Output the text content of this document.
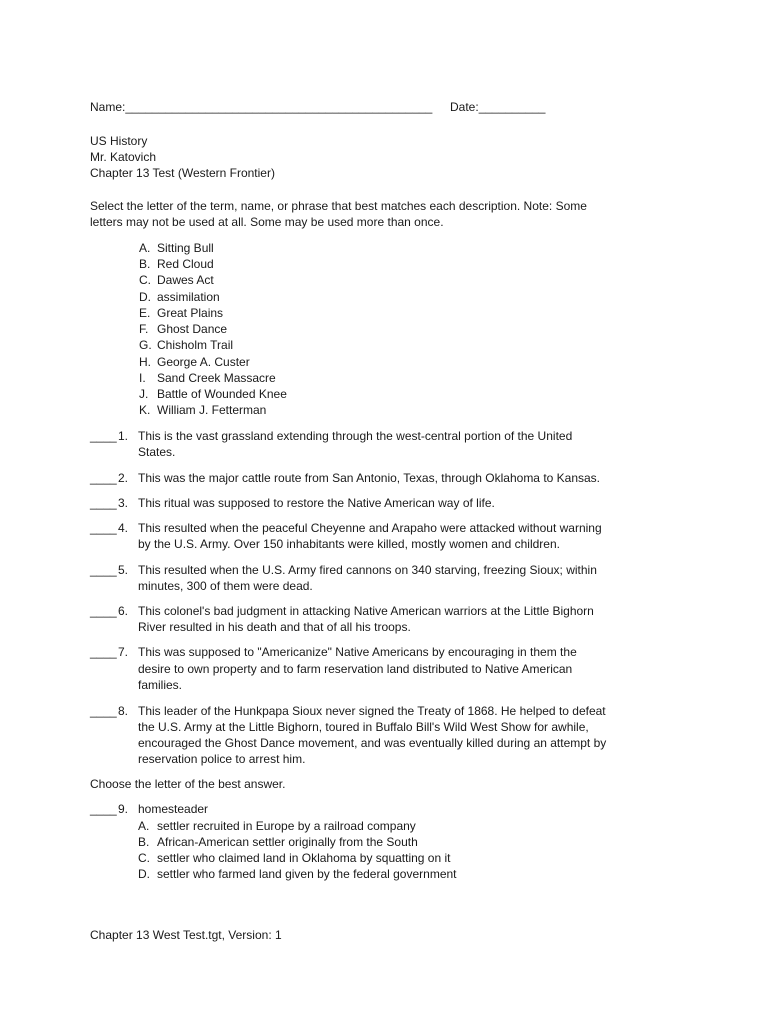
Name:______________________________________________ Date:__________
US History
Mr. Katovich
Chapter 13 Test (Western Frontier)
Select the letter of the term, name, or phrase that best matches each description. Note: Some
letters may not be used at all. Some may be used more than once.
A. Sitting Bull
B. Red Cloud
C. Dawes Act
D. assimilation
E. Great Plains
F. Ghost Dance
G. Chisholm Trail
H. George A. Custer
I. Sand Creek Massacre
J. Battle of Wounded Knee
K. William J. Fetterman
____ 1. This is the vast grassland extending through the west-central portion of the United
States.
____ 2. This was the major cattle route from San Antonio, Texas, through Oklahoma to Kansas.
____ 3. This ritual was supposed to restore the Native American way of life.
____ 4. This resulted when the peaceful Cheyenne and Arapaho were attacked without warning
by the U.S. Army. Over 150 inhabitants were killed, mostly women and children.
____ 5. This resulted when the U.S. Army fired cannons on 340 starving, freezing Sioux; within
minutes, 300 of them were dead.
____ 6. This colonel's bad judgment in attacking Native American warriors at the Little Bighorn
River resulted in his death and that of all his troops.
____ 7. This was supposed to "Americanize" Native Americans by encouraging in them the
desire to own property and to farm reservation land distributed to Native American
families.
____ 8. This leader of the Hunkpapa Sioux never signed the Treaty of 1868. He helped to defeat
the U.S. Army at the Little Bighorn, toured in Buffalo Bill's Wild West Show for awhile,
encouraged the Ghost Dance movement, and was eventually killed during an attempt by
reservation police to arrest him.
Choose the letter of the best answer.
____ 9. homesteader
A. settler recruited in Europe by a railroad company
B. African-American settler originally from the South
C. settler who claimed land in Oklahoma by squatting on it
D. settler who farmed land given by the federal government
Chapter 13 West Test.tgt, Version: 1
